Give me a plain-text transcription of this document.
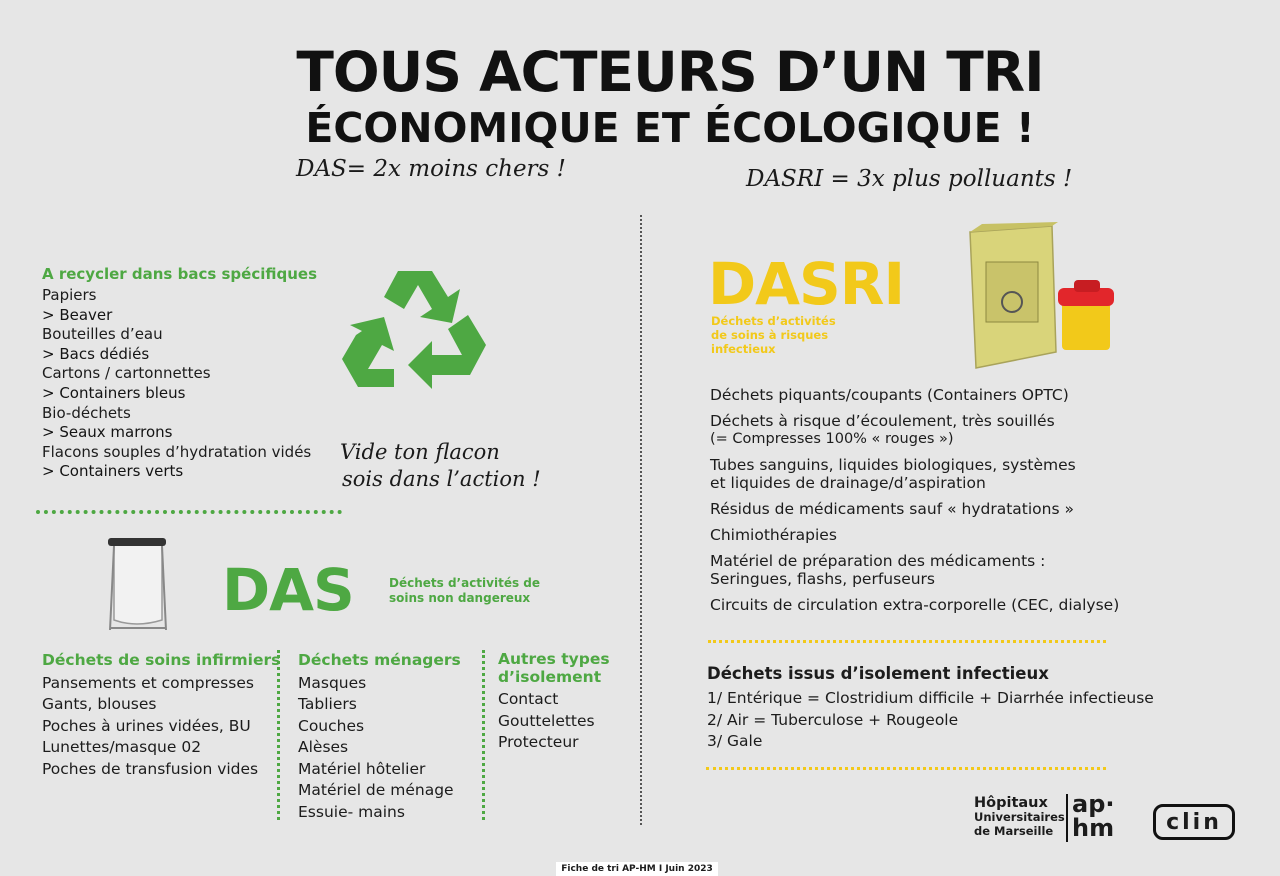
TOUS ACTEURS D’UN TRI
ÉCONOMIQUE ET ÉCOLOGIQUE !
DAS= 2x moins chers !	DASRI = 3x plus polluants !
A recycler dans bacs spécifiques
Papiers
> Beaver
Bouteilles d’eau
> Bacs dédiés
Cartons / cartonnettes
> Containers bleus
Bio-déchets
> Seaux marrons
Flacons souples d’hydratation vidés
> Containers verts
Vide ton flacon
sois dans l’action !
DAS	Déchets d’activités de
soins non dangereux
Déchets de soins infirmiers
Pansements et compresses
Gants, blouses
Poches à urines vidées, BU
Lunettes/masque 02
Poches de transfusion vides
Déchets ménagers
Masques
Tabliers
Couches
Alèses
Matériel hôtelier
Matériel de ménage
Essuie- mains
Autres types
d’isolement
Contact
Gouttelettes
Protecteur
DASRI
Déchets d’activités
de soins à risques
infectieux
Déchets piquants/coupants (Containers OPTC)
Déchets à risque d’écoulement, très souillés
(= Compresses 100% « rouges »)
Tubes sanguins, liquides biologiques, systèmes
et liquides de drainage/d’aspiration
Résidus de médicaments sauf « hydratations »
Chimiothérapies
Matériel de préparation des médicaments :
Seringues, flashs, perfuseurs
Circuits de circulation extra-corporelle (CEC, dialyse)
Déchets issus d’isolement infectieux
1/ Entérique = Clostridium difficile + Diarrhée infectieuse
2/ Air = Tuberculose + Rougeole
3/ Gale
Hôpitaux
Universitaires
de Marseille
ap·
hm clin
Fiche de tri AP-HM I Juin 2023
